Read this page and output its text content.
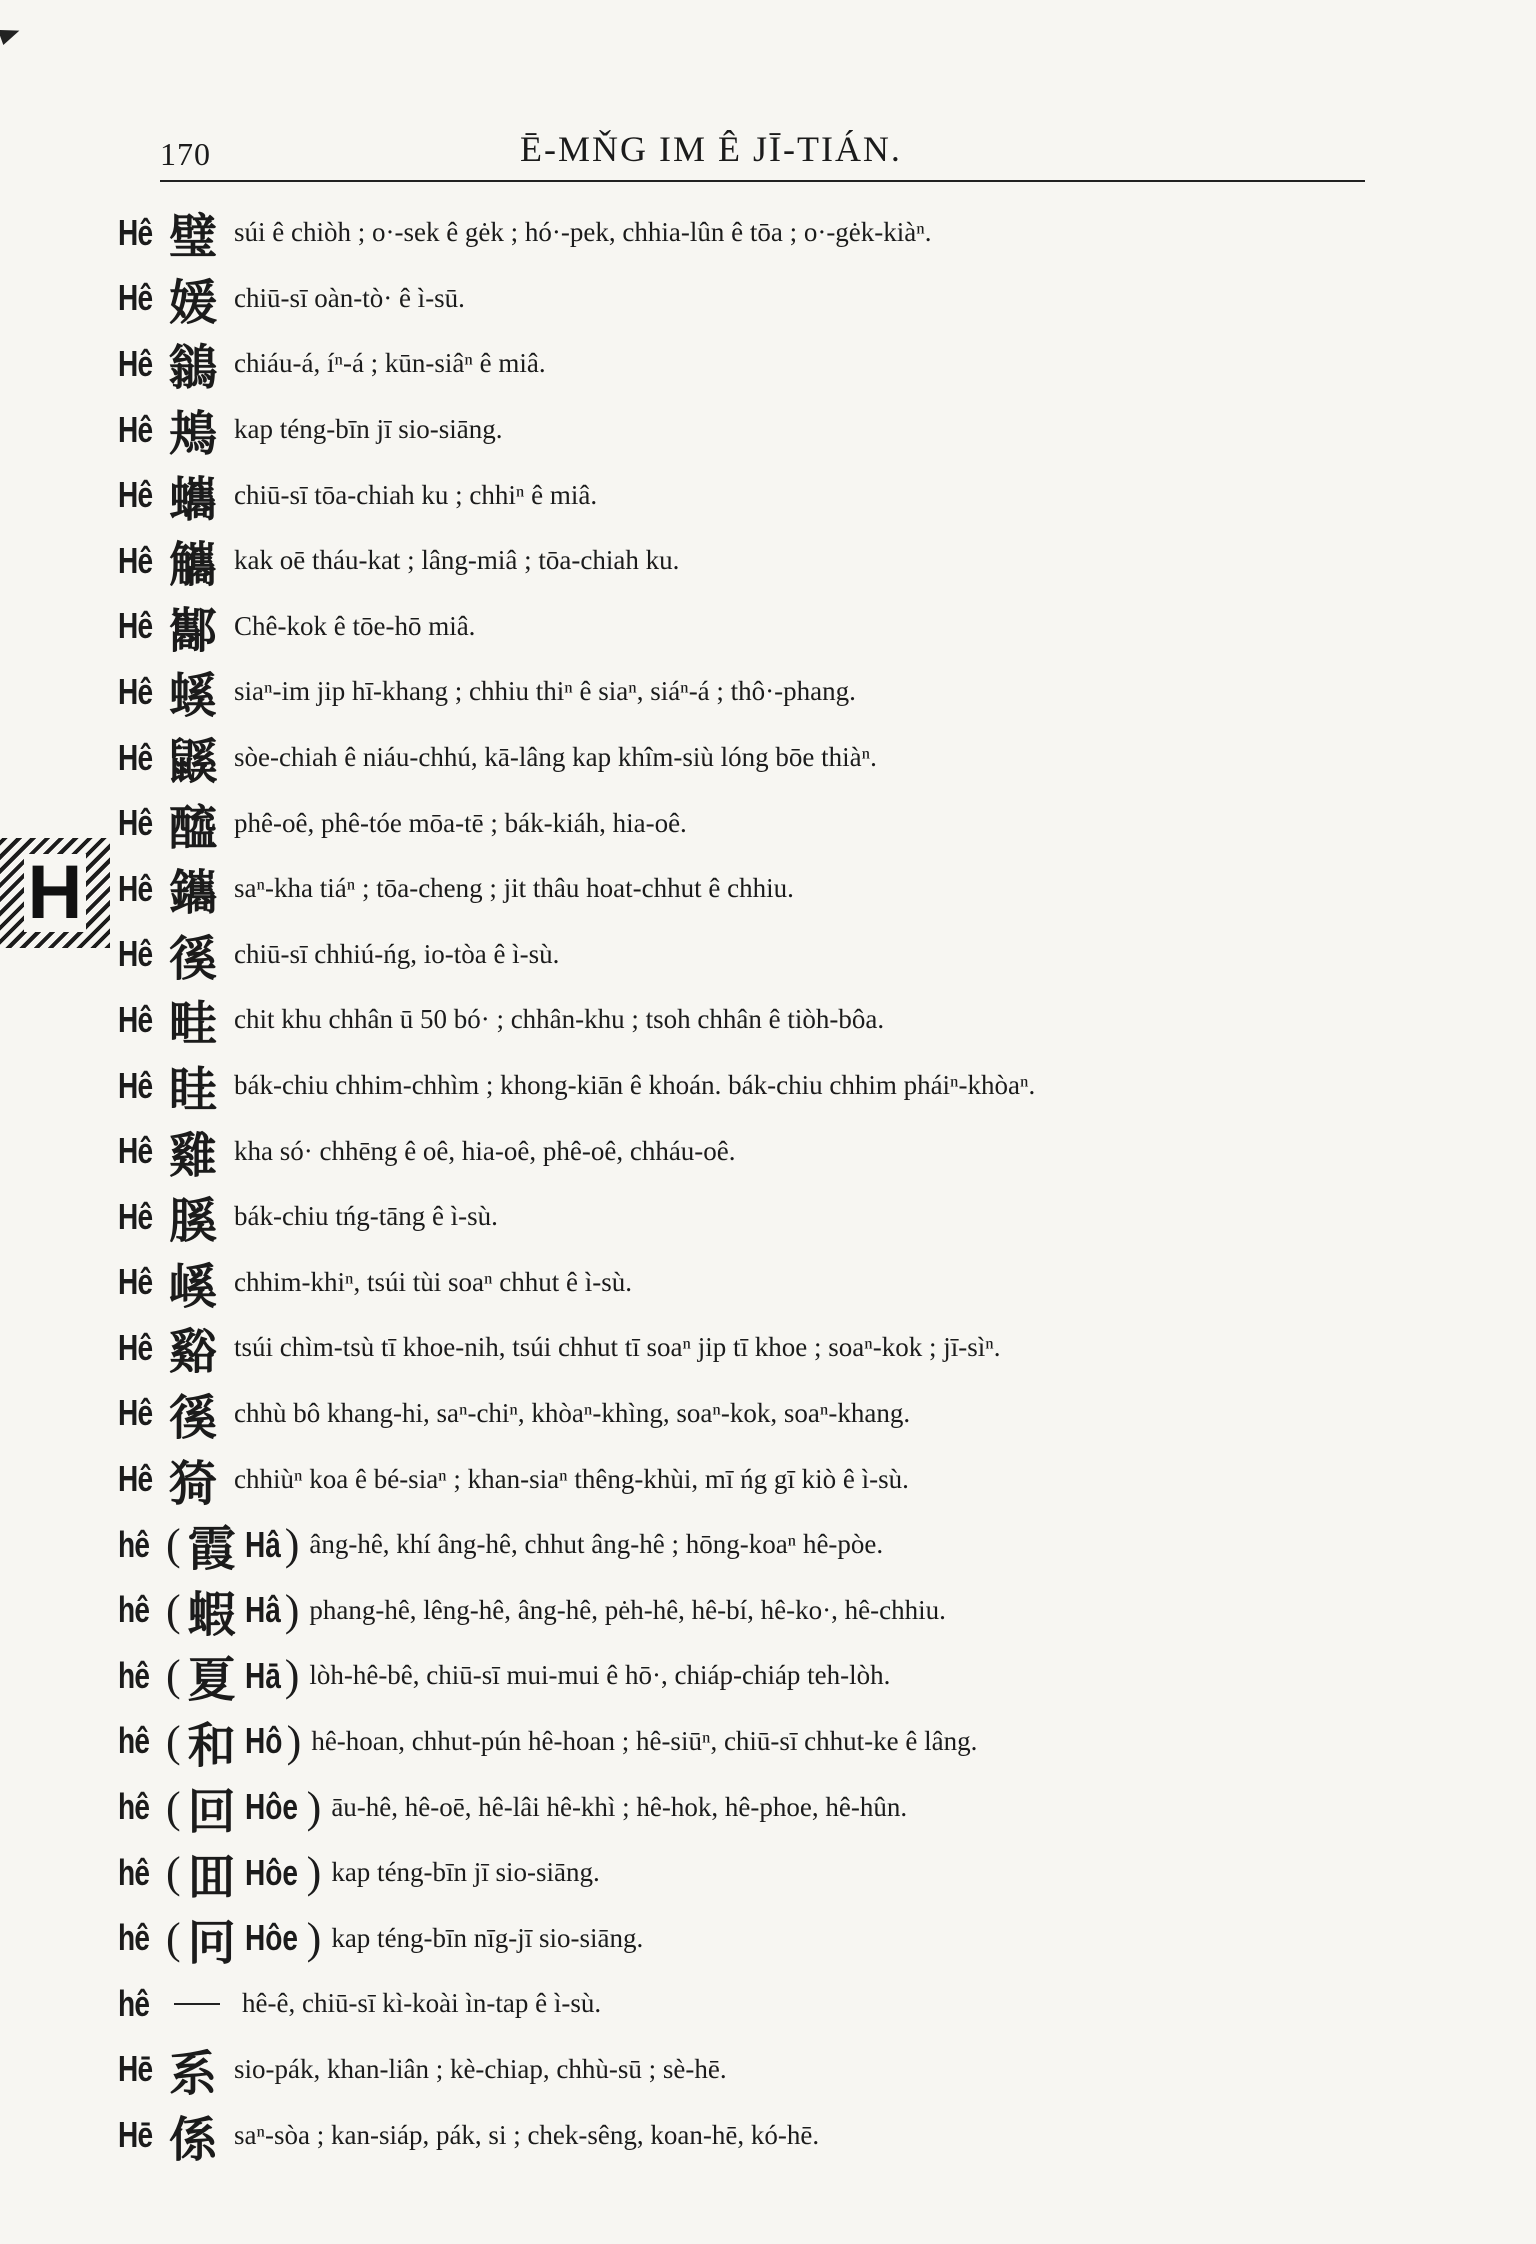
170	Ē-MŇG IM Ê JĪ-TIÁN.
H
Hê 璧 súi ê chiòh ; o·-sek ê gėk ; hó·-pek, chhia-lûn ê tōa ; o·-gėk-kiàⁿ.
Hê 媛 chiū-sī oàn-tò· ê ì-sū.
Hê 鶲 chiáu-á, íⁿ-á ; kūn-siâⁿ ê miâ.
Hê 鴂 kap téng-bīn jī sio-siāng.
Hê 蠵 chiū-sī tōa-chiah ku ; chhiⁿ ê miâ.
Hê 觿 kak oē tháu-kat ; lâng-miâ ; tōa-chiah ku.
Hê 酅 Chê-kok ê tōe-hō miâ.
Hê 螇 siaⁿ-im jip hī-khang ; chhiu thiⁿ ê siaⁿ, siáⁿ-á ; thô·-phang.
Hê 鼷 sòe-chiah ê niáu-chhú, kā-lâng kap khîm-siù lóng bōe thiàⁿ.
Hê 醯 phê-oê, phê-tóe mōa-tē ; bák-kiáh, hia-oê.
Hê 鑴 saⁿ-kha tiáⁿ ; tōa-cheng ; jit thâu hoat-chhut ê chhiu.
Hê 徯 chiū-sī chhiú-ńg, io-tòa ê ì-sù.
Hê 畦 chit khu chhân ū 50 bó· ; chhân-khu ; tsoh chhân ê tiòh-bôa.
Hê 眭 bák-chiu chhim-chhìm ; khong-kiān ê khoán. bák-chiu chhim pháiⁿ-khòaⁿ.
Hê 雞 kha só· chhēng ê oê, hia-oê, phê-oê, chháu-oê.
Hê 膎 bák-chiu tńg-tāng ê ì-sù.
Hê 嵠 chhim-khiⁿ, tsúi tùi soaⁿ chhut ê ì-sù.
Hê 谿 tsúi chìm-tsù tī khoe-nih, tsúi chhut tī soaⁿ jip tī khoe ; soaⁿ-kok ; jī-sìⁿ.
Hê 徯 chhù bô khang-hi, saⁿ-chiⁿ, khòaⁿ-khìng, soaⁿ-kok, soaⁿ-khang.
Hê 猗 chhiùⁿ koa ê bé-siaⁿ ; khan-siaⁿ thêng-khùi, mī ńg gī kiò ê ì-sù.
hê ( 霞 Hâ ) âng-hê, khí âng-hê, chhut âng-hê ; hōng-koaⁿ hê-pòe.
hê ( 蝦 Hâ ) phang-hê, lêng-hê, âng-hê, pėh-hê, hê-bí, hê-ko·, hê-chhiu.
hê ( 夏 Hā ) lòh-hê-bê, chiū-sī mui-mui ê hō·, chiáp-chiáp teh-lòh.
hê ( 和 Hô ) hê-hoan, chhut-pún hê-hoan ; hê-siūⁿ, chiū-sī chhut-ke ê lâng.
hê ( 回 Hôe ) āu-hê, hê-oē, hê-lâi hê-khì ; hê-hok, hê-phoe, hê-hûn.
hê ( 囬 Hôe ) kap téng-bīn jī sio-siāng.
hê ( 冋 Hôe ) kap téng-bīn nīg-jī sio-siāng.
hê	hê-ê, chiū-sī kì-koài ìn-tap ê ì-sù.
Hē 系 sio-pák, khan-liân ; kè-chiap, chhù-sū ; sè-hē.
Hē 係 saⁿ-sòa ; kan-siáp, pák, si ; chek-sêng, koan-hē, kó-hē.
